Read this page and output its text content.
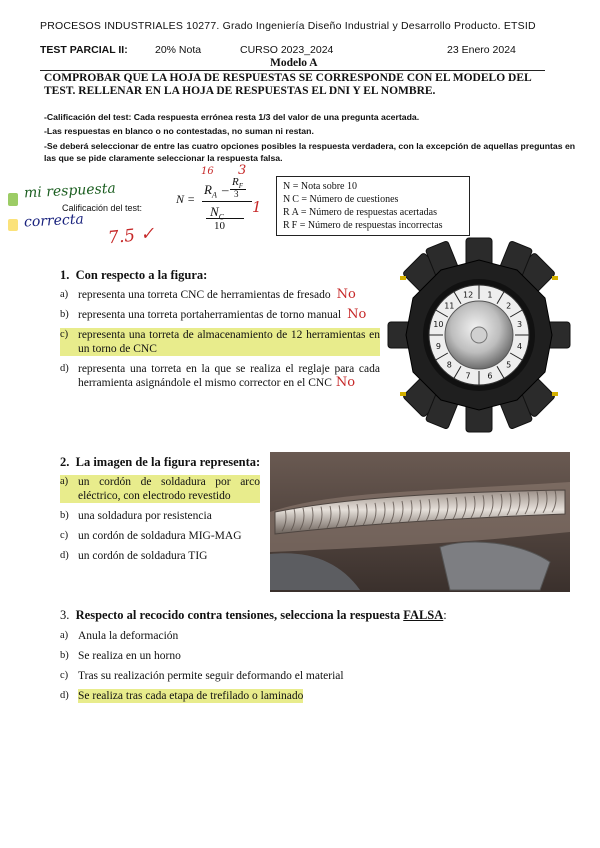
PROCESOS INDUSTRIALES 10277. Grado Ingeniería Diseño Industrial y Desarrollo Producto. ETSID
TEST PARCIAL II:	20% Nota	CURSO 2023_2024	23 Enero 2024
Modelo A
COMPROBAR QUE LA HOJA DE RESPUESTAS SE CORRESPONDE CON EL MODELO DEL TEST. RELLENAR EN LA HOJA DE RESPUESTAS EL DNI Y EL NOMBRE.
-Calificación del test: Cada respuesta errónea resta 1/3 del valor de una pregunta acertada.
-Las respuestas en blanco o no contestadas, no suman ni restan.
-Se deberá seleccionar de entre las cuatro opciones posibles la respuesta verdadera, con la excepción de aquellas preguntas en las que se pide claramente seleccionar la respuesta falsa.
mi respuesta
correcta
Calificación del test:
N =
$R_A - R_F$
3
$N_C$
10
16 3
1
7.5 ✓
N = Nota sobre 10
N C = Número de cuestiones
R A = Número de respuestas acertadas
R F = Número de respuestas incorrectas
1. Con respecto a la figura:
a) representa una torreta CNC de herramientas de fresado No
b) representa una torreta portaherramientas de torno manual No
c) representa una torreta de almacenamiento de 12 herramientas en un torno de CNC
d) representa una torreta en la que se realiza el reglaje para cada herramienta asignándole el mismo corrector en el CNC No
1
2
3
4
5
6
7
8
9
10
11
12
2. La imagen de la figura representa:
a) un cordón de soldadura por arco eléctrico, con electrodo revestido
b) una soldadura por resistencia
c) un cordón de soldadura MIG-MAG
d) un cordón de soldadura TIG
3. Respecto al recocido contra tensiones, selecciona la respuesta FALSA:
a) Anula la deformación
b) Se realiza en un horno
c) Tras su realización permite seguir deformando el material
d) Se realiza tras cada etapa de trefilado o laminado
